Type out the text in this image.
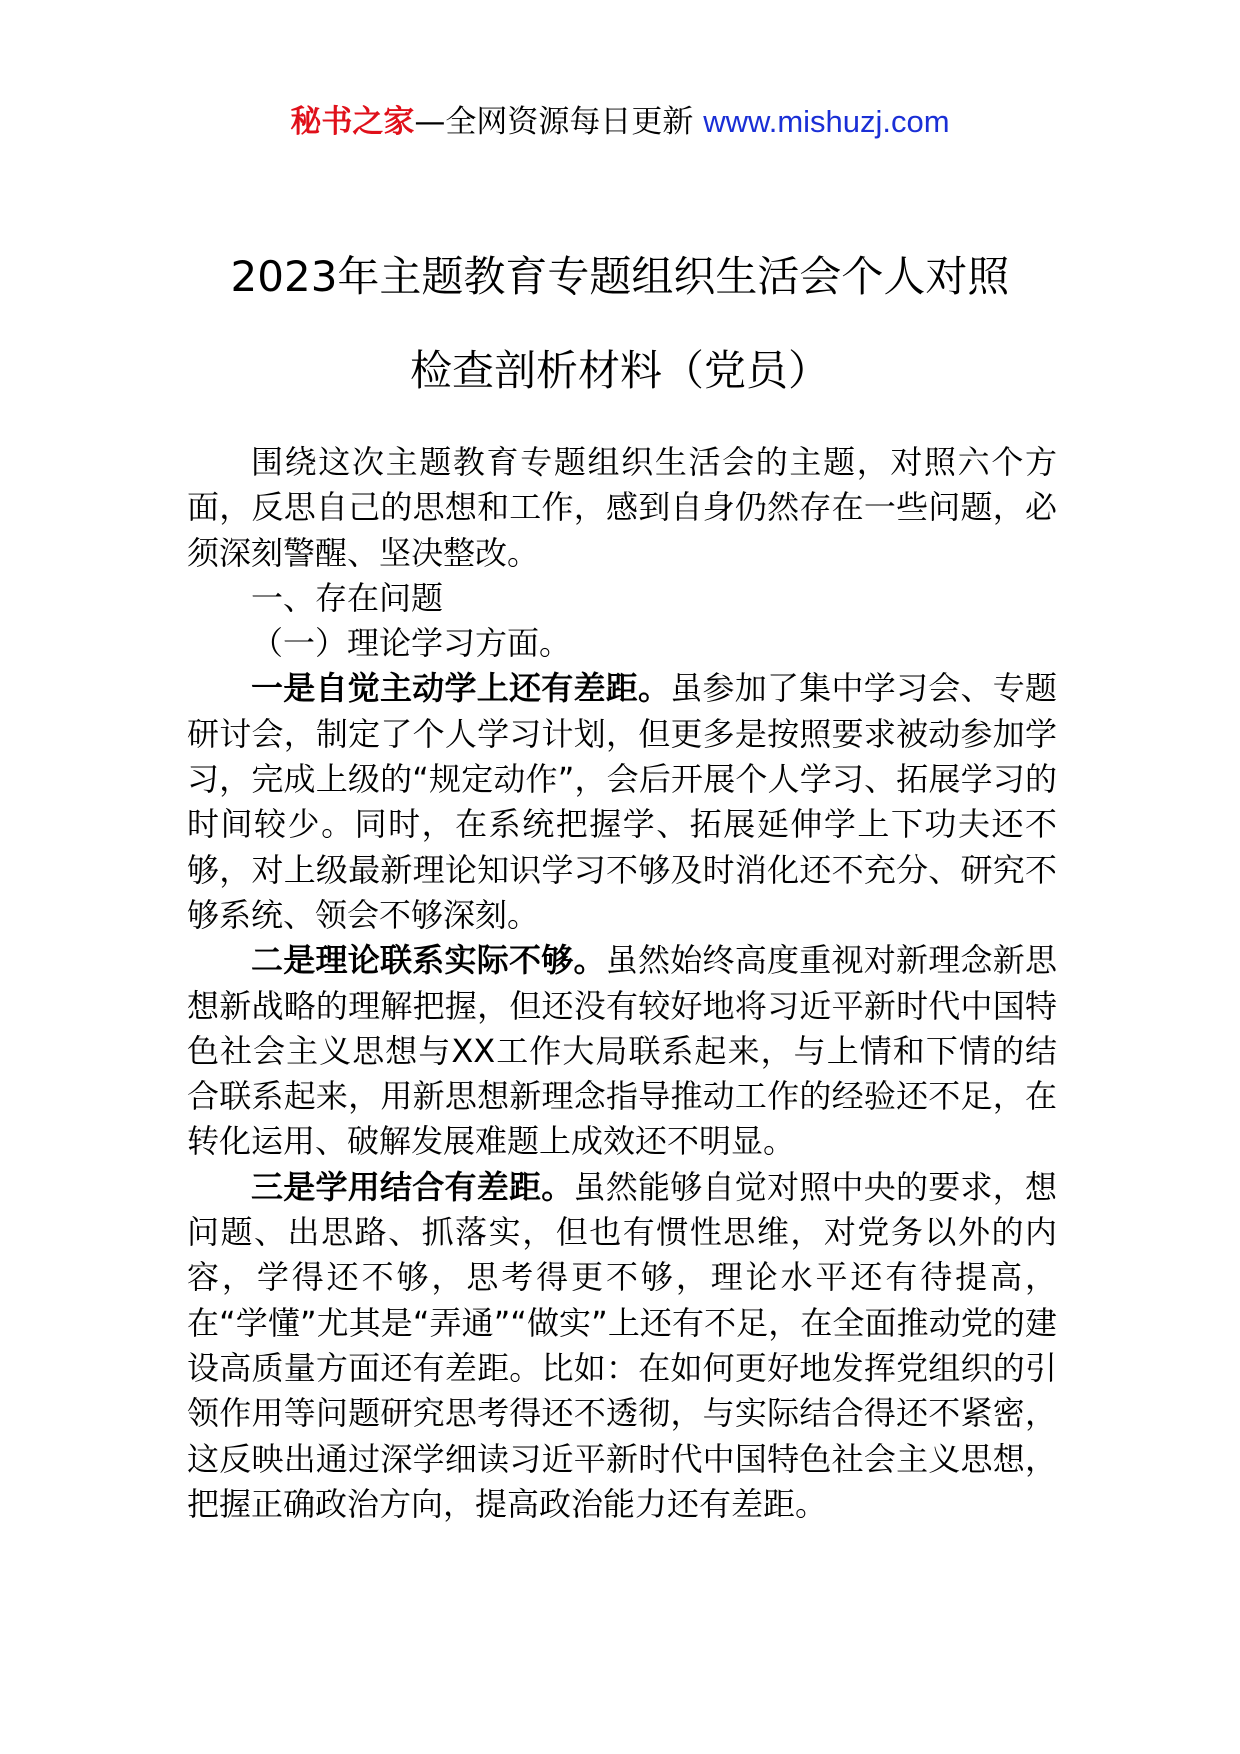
秘书之家—全网资源每日更新 www.mishuzj.com
2023年主题教育专题组织生活会个人对照
检查剖析材料（党员）

围绕这次主题教育专题组织生活会的主题，对照六个方面，反思自己的思想和工作，感到自身仍然存在一些问题，必须深刻警醒、坚决整改。

一、存在问题

（一）理论学习方面。

一是自觉主动学上还有差距。虽参加了集中学习会、专题研讨会，制定了个人学习计划，但更多是按照要求被动参加学习，完成上级的“规定动作”，会后开展个人学习、拓展学习的时间较少。同时，在系统把握学、拓展延伸学上下功夫还不够，对上级最新理论知识学习不够及时消化还不充分、研究不够系统、领会不够深刻。

二是理论联系实际不够。虽然始终高度重视对新理念新思想新战略的理解把握，但还没有较好地将习近平新时代中国特色社会主义思想与XX工作大局联系起来，与上情和下情的结合联系起来，用新思想新理念指导推动工作的经验还不足，在转化运用、破解发展难题上成效还不明显。

三是学用结合有差距。虽然能够自觉对照中央的要求，想问题、出思路、抓落实，但也有惯性思维，对党务以外的内容，学得还不够，思考得更不够，理论水平还有待提高，在“学懂”尤其是“弄通”“做实”上还有不足，在全面推动党的建设高质量方面还有差距。比如：在如何更好地发挥党组织的引领作用等问题研究思考得还不透彻，与实际结合得还不紧密，这反映出通过深学细读习近平新时代中国特色社会主义思想，把握正确政治方向，提高政治能力还有差距。
